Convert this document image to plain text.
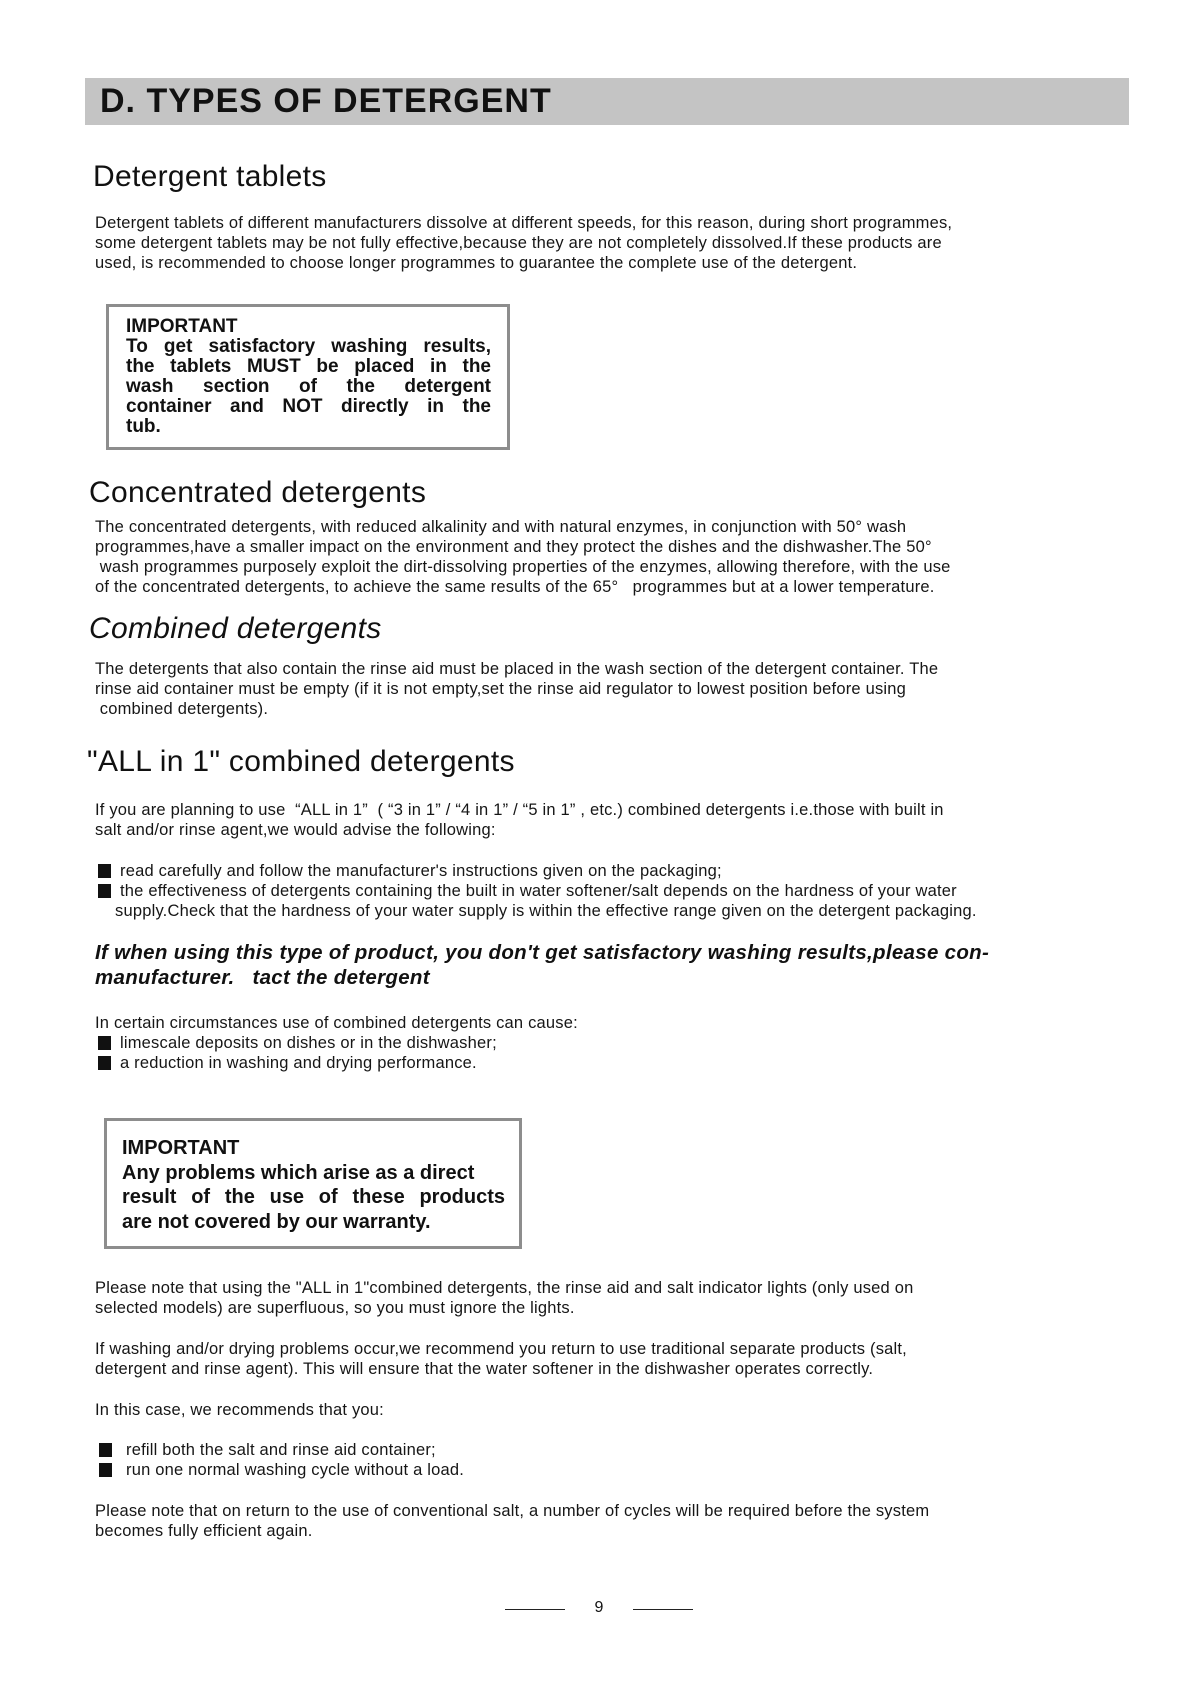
D. TYPES OF DETERGENT
Detergent tablets

Detergent tablets of different manufacturers dissolve at different speeds, for this reason, during short programmes,
some detergent tablets may be not fully effective,because they are not completely dissolved.If these products are
used, is recommended to choose longer programmes to guarantee the complete use of the detergent.

IMPORTANT
To get satisfactory washing results,
the tablets MUST be placed in the
wash section of the detergent
container and NOT directly in the
tub.
Concentrated detergents

The concentrated detergents, with reduced alkalinity and with natural enzymes, in conjunction with 50° wash
programmes,have a smaller impact on the environment and they protect the dishes and the dishwasher.The 50°
wash programmes purposely exploit the dirt-dissolving properties of the enzymes, allowing therefore, with the use
of the concentrated detergents, to achieve the same results of the 65°   programmes but at a lower temperature.

Combined detergents

The detergents that also contain the rinse aid must be placed in the wash section of the detergent container. The
rinse aid container must be empty (if it is not empty,set the rinse aid regulator to lowest position before using
combined detergents).

"ALL in 1" combined detergents

If you are planning to use  “ALL in 1”  ( “3 in 1” / “4 in 1” / “5 in 1” , etc.) combined detergents i.e.those with built in
salt and/or rinse agent,we would advise the following:

read carefully and follow the manufacturer's instructions given on the packaging;
the effectiveness of detergents containing the built in water softener/salt depends on the hardness of your water
supply.Check that the hardness of your water supply is within the effective range given on the detergent packaging.

If when using this type of product, you don't get satisfactory washing results,please con-
manufacturer.   tact the detergent

In certain circumstances use of combined detergents can cause:

limescale deposits on dishes or in the dishwasher;
a reduction in washing and drying performance.
IMPORTANT
Any problems which arise as a direct
result of the use of these products
are not covered by our warranty.

Please note that using the "ALL in 1"combined detergents, the rinse aid and salt indicator lights (only used on
selected models) are superfluous, so you must ignore the lights.

If washing and/or drying problems occur,we recommend you return to use traditional separate products (salt,
detergent and rinse agent). This will ensure that the water softener in the dishwasher operates correctly.

In this case, we recommends that you:

refill both the salt and rinse aid container;
run one normal washing cycle without a load.

Please note that on return to the use of conventional salt, a number of cycles will be required before the system
becomes fully efficient again.

9
